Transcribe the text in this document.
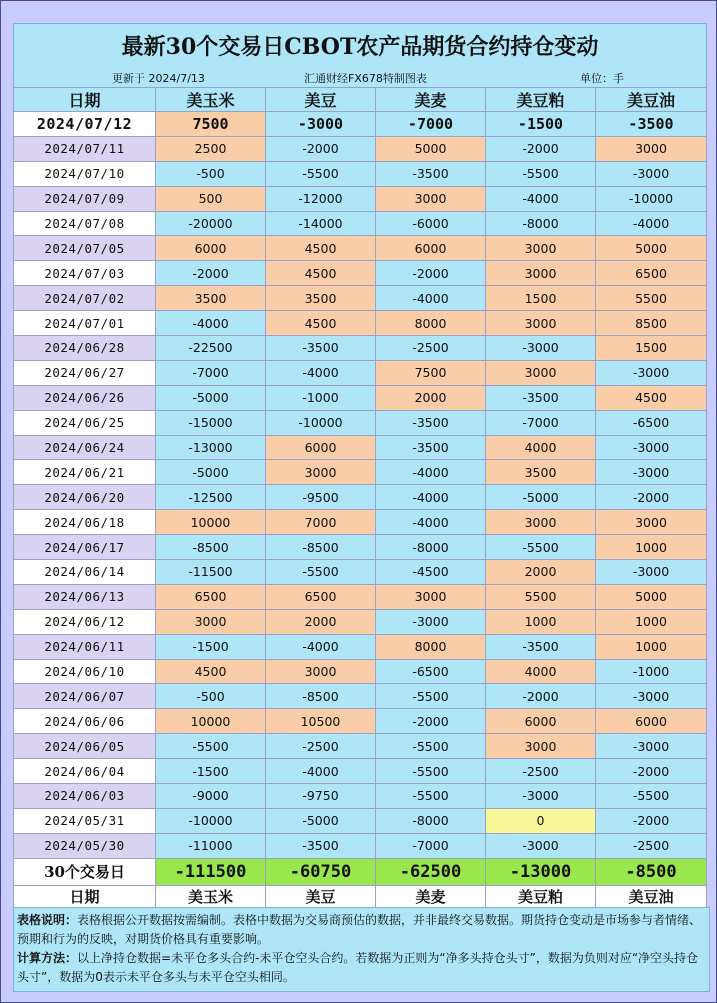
最新30个交易日CBOT农产品期货合约持仓变动
更新于 2024/7/13	汇通财经FX678特制图表	单位：手
日期	美玉米	美豆	美麦	美豆粕	美豆油
2024/07/12	7500	-3000	-7000	-1500	-3500
2024/07/11	2500	-2000	5000	-2000	3000
2024/07/10	-500	-5500	-3500	-5500	-3000
2024/07/09	500	-12000	3000	-4000	-10000
2024/07/08	-20000	-14000	-6000	-8000	-4000
2024/07/05	6000	4500	6000	3000	5000
2024/07/03	-2000	4500	-2000	3000	6500
2024/07/02	3500	3500	-4000	1500	5500
2024/07/01	-4000	4500	8000	3000	8500
2024/06/28	-22500	-3500	-2500	-3000	1500
2024/06/27	-7000	-4000	7500	3000	-3000
2024/06/26	-5000	-1000	2000	-3500	4500
2024/06/25	-15000	-10000	-3500	-7000	-6500
2024/06/24	-13000	6000	-3500	4000	-3000
2024/06/21	-5000	3000	-4000	3500	-3000
2024/06/20	-12500	-9500	-4000	-5000	-2000
2024/06/18	10000	7000	-4000	3000	3000
2024/06/17	-8500	-8500	-8000	-5500	1000
2024/06/14	-11500	-5500	-4500	2000	-3000
2024/06/13	6500	6500	3000	5500	5000
2024/06/12	3000	2000	-3000	1000	1000
2024/06/11	-1500	-4000	8000	-3500	1000
2024/06/10	4500	3000	-6500	4000	-1000
2024/06/07	-500	-8500	-5500	-2000	-3000
2024/06/06	10000	10500	-2000	6000	6000
2024/06/05	-5500	-2500	-5500	3000	-3000
2024/06/04	-1500	-4000	-5500	-2500	-2000
2024/06/03	-9000	-9750	-5500	-3000	-5500
2024/05/31	-10000	-5000	-8000	0	-2000
2024/05/30	-11000	-3500	-7000	-3000	-2500
30个交易日	-111500	-60750	-62500	-13000	-8500
日期	美玉米	美豆	美麦	美豆粕	美豆油
表格说明：表格根据公开数据按需编制。表格中数据为交易商预估的数据，并非最终交易数据。期货持仓变动是市场参与者情绪、预期和行为的反映，对期货价格具有重要影响。
计算方法：以上净持仓数据=未平仓多头合约-未平仓空头合约。若数据为正则为“净多头持仓头寸”，数据为负则对应“净空头持仓头寸”，数据为0表示未平仓多头与未平仓空头相同。
